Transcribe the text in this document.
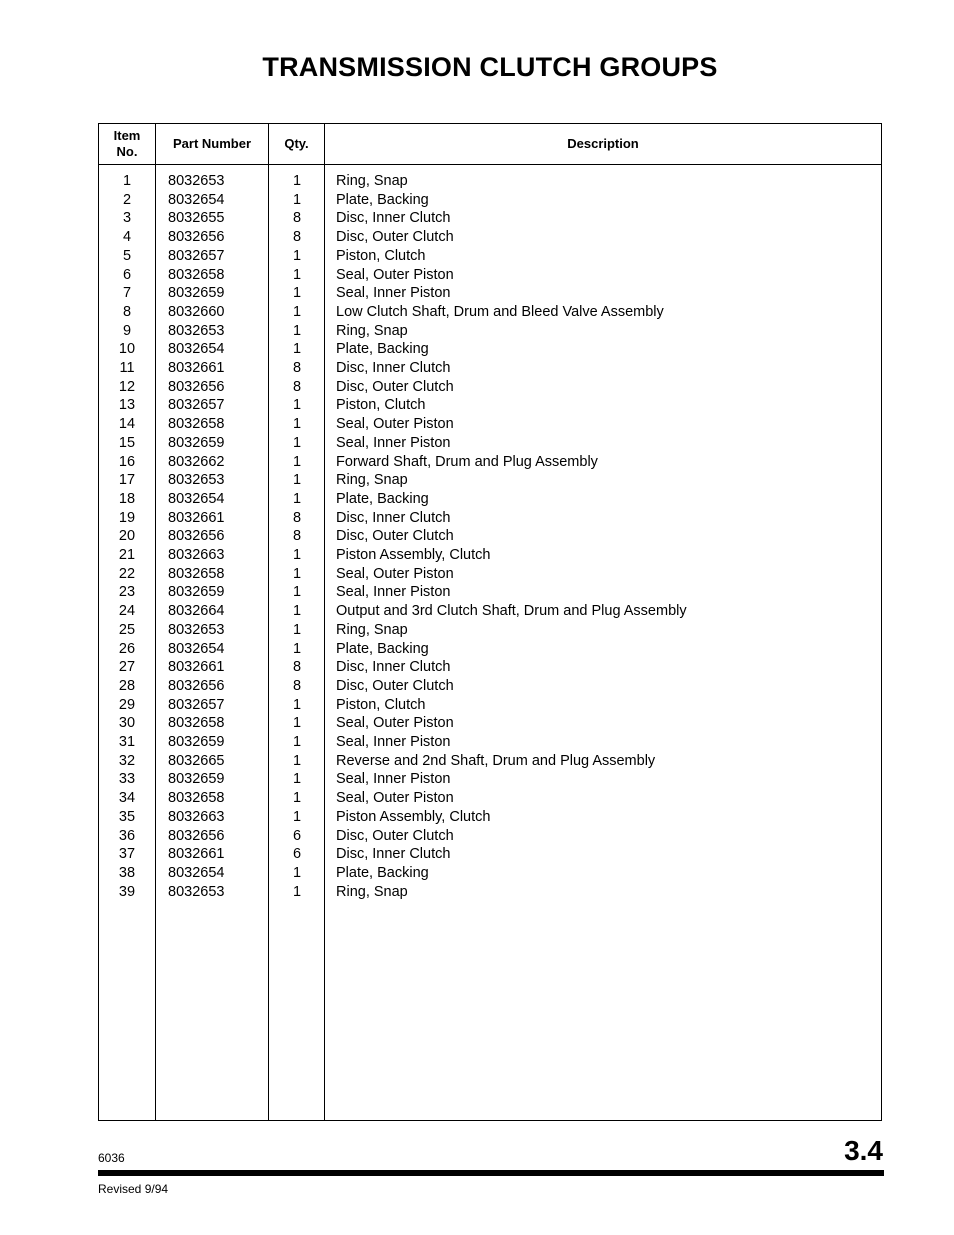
TRANSMISSION CLUTCH GROUPS
Item
No.
Part Number	Qty.	Description
1	8032653	1	Ring, Snap
2	8032654	1	Plate, Backing
3	8032655	8	Disc, Inner Clutch
4	8032656	8	Disc, Outer Clutch
5	8032657	1	Piston, Clutch
6	8032658	1	Seal, Outer Piston
7	8032659	1	Seal, Inner Piston
8	8032660	1	Low Clutch Shaft, Drum and Bleed Valve Assembly
9	8032653	1	Ring, Snap
10	8032654	1	Plate, Backing
11	8032661	8	Disc, Inner Clutch
12	8032656	8	Disc, Outer Clutch
13	8032657	1	Piston, Clutch
14	8032658	1	Seal, Outer Piston
15	8032659	1	Seal, Inner Piston
16	8032662	1	Forward Shaft, Drum and Plug Assembly
17	8032653	1	Ring, Snap
18	8032654	1	Plate, Backing
19	8032661	8	Disc, Inner Clutch
20	8032656	8	Disc, Outer Clutch
21	8032663	1	Piston Assembly, Clutch
22	8032658	1	Seal, Outer Piston
23	8032659	1	Seal, Inner Piston
24	8032664	1	Output and 3rd Clutch Shaft, Drum and Plug Assembly
25	8032653	1	Ring, Snap
26	8032654	1	Plate, Backing
27	8032661	8	Disc, Inner Clutch
28	8032656	8	Disc, Outer Clutch
29	8032657	1	Piston, Clutch
30	8032658	1	Seal, Outer Piston
31	8032659	1	Seal, Inner Piston
32	8032665	1	Reverse and 2nd Shaft, Drum and Plug Assembly
33	8032659	1	Seal, Inner Piston
34	8032658	1	Seal, Outer Piston
35	8032663	1	Piston Assembly, Clutch
36	8032656	6	Disc, Outer Clutch
37	8032661	6	Disc, Inner Clutch
38	8032654	1	Plate, Backing
39	8032653	1	Ring, Snap
6036	3.4
Revised 9/94
